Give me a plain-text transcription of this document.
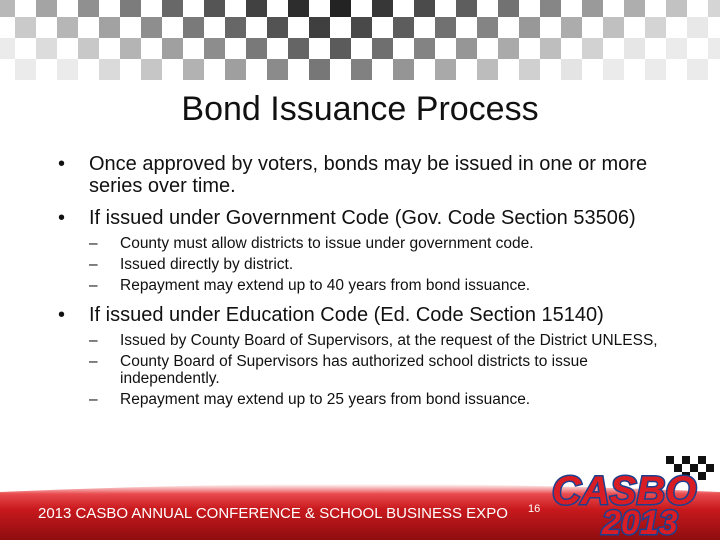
Bond Issuance Process
• Once approved by voters, bonds may be issued in one or more series over time.
• If issued under Government Code (Gov. Code Section 53506)
– County must allow districts to issue under government code.
– Issued directly by district.
– Repayment may extend up to 40 years from bond issuance.
• If issued under Education Code (Ed. Code Section 15140)
– Issued by County Board of Supervisors, at the request of the District UNLESS,
– County Board of Supervisors has authorized school districts to issue independently.
– Repayment may extend up to 25 years from bond issuance.
2013 CASBO ANNUAL CONFERENCE & SCHOOL BUSINESS EXPO 16 CASBO
2013
